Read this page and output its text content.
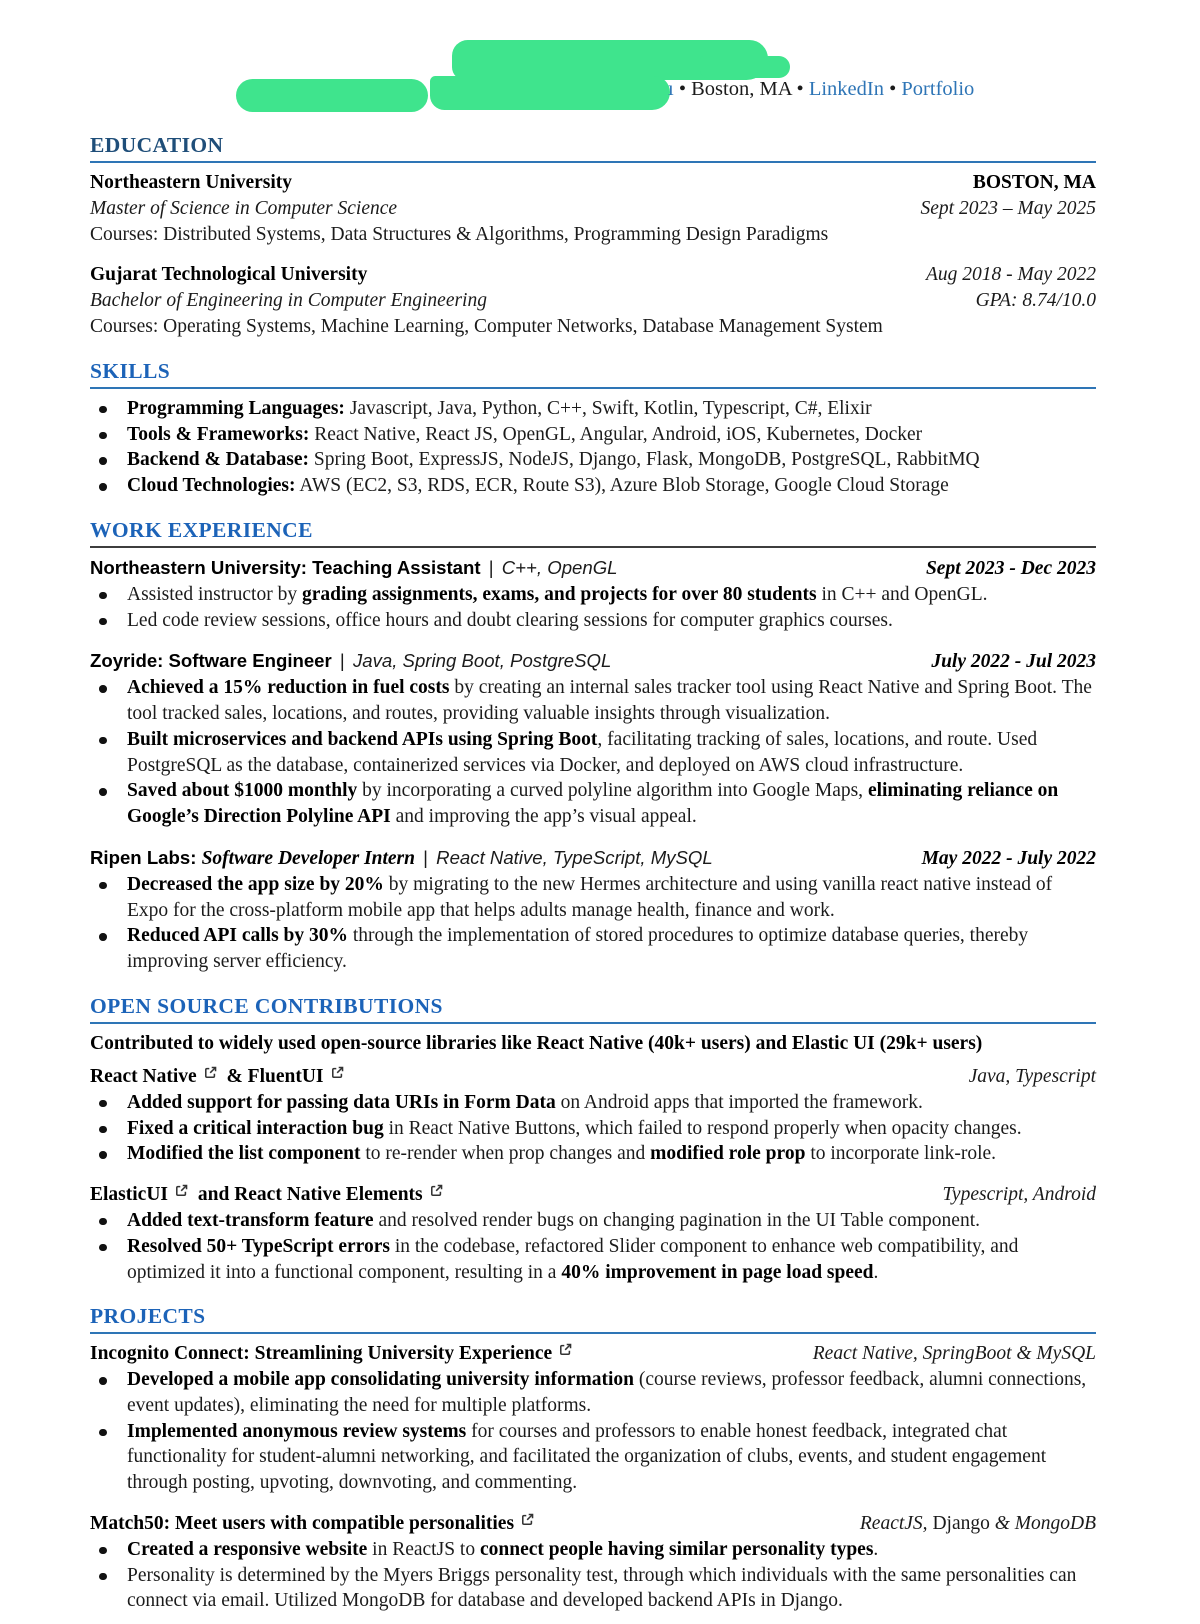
ı • Boston, MA • LinkedIn • Portfolio
EDUCATION
Northeastern University	BOSTON, MA
Master of Science in Computer Science	Sept 2023 – May 2025
Courses: Distributed Systems, Data Structures & Algorithms, Programming Design Paradigms
Gujarat Technological University	Aug 2018 - May 2022
Bachelor of Engineering in Computer Engineering	GPA: 8.74/10.0
Courses: Operating Systems, Machine Learning, Computer Networks, Database Management System
SKILLS
Programming Languages: Javascript, Java, Python, C++, Swift, Kotlin, Typescript, C#, Elixir
Tools & Frameworks: React Native, React JS, OpenGL, Angular, Android, iOS, Kubernetes, Docker
Backend & Database: Spring Boot, ExpressJS, NodeJS, Django, Flask, MongoDB, PostgreSQL, RabbitMQ
Cloud Technologies: AWS (EC2, S3, RDS, ECR, Route S3), Azure Blob Storage, Google Cloud Storage
WORK EXPERIENCE
Northeastern University: Teaching Assistant | C++, OpenGL	Sept 2023 - Dec 2023
Assisted instructor by grading assignments, exams, and projects for over 80 students in C++ and OpenGL.
Led code review sessions, office hours and doubt clearing sessions for computer graphics courses.
Zoyride: Software Engineer | Java, Spring Boot, PostgreSQL	July 2022 - Jul 2023
Achieved a 15% reduction in fuel costs by creating an internal sales tracker tool using React Native and Spring Boot. The tool tracked sales, locations, and routes, providing valuable insights through visualization.
Built microservices and backend APIs using Spring Boot, facilitating tracking of sales, locations, and route. Used PostgreSQL as the database, containerized services via Docker, and deployed on AWS cloud infrastructure.
Saved about $1000 monthly by incorporating a curved polyline algorithm into Google Maps, eliminating reliance on Google’s Direction Polyline API and improving the app’s visual appeal.
Ripen Labs: Software Developer Intern | React Native, TypeScript, MySQL	May 2022 - July 2022
Decreased the app size by 20% by migrating to the new Hermes architecture and using vanilla react native instead of Expo for the cross-platform mobile app that helps adults manage health, finance and work.
Reduced API calls by 30% through the implementation of stored procedures to optimize database queries, thereby improving server efficiency.
OPEN SOURCE CONTRIBUTIONS
Contributed to widely used open-source libraries like React Native (40k+ users) and Elastic UI (29k+ users)
React Native
& FluentUI	Java, Typescript
Added support for passing data URIs in Form Data on Android apps that imported the framework.
Fixed a critical interaction bug in React Native Buttons, which failed to respond properly when opacity changes.
Modified the list component to re-render when prop changes and modified role prop to incorporate link-role.
ElasticUI
and React Native Elements	Typescript, Android
Added text-transform feature and resolved render bugs on changing pagination in the UI Table component.
Resolved 50+ TypeScript errors in the codebase, refactored Slider component to enhance web compatibility, and optimized it into a functional component, resulting in a 40% improvement in page load speed.
PROJECTS
Incognito Connect: Streamlining University Experience	React Native, SpringBoot & MySQL
Developed a mobile app consolidating university information (course reviews, professor feedback, alumni connections, event updates), eliminating the need for multiple platforms.
Implemented anonymous review systems for courses and professors to enable honest feedback, integrated chat functionality for student-alumni networking, and facilitated the organization of clubs, events, and student engagement through posting, upvoting, downvoting, and commenting.
Match50: Meet users with compatible personalities	ReactJS, Django & MongoDB
Created a responsive website in ReactJS to connect people having similar personality types.
Personality is determined by the Myers Briggs personality test, through which individuals with the same personalities can connect via email. Utilized MongoDB for database and developed backend APIs in Django.
